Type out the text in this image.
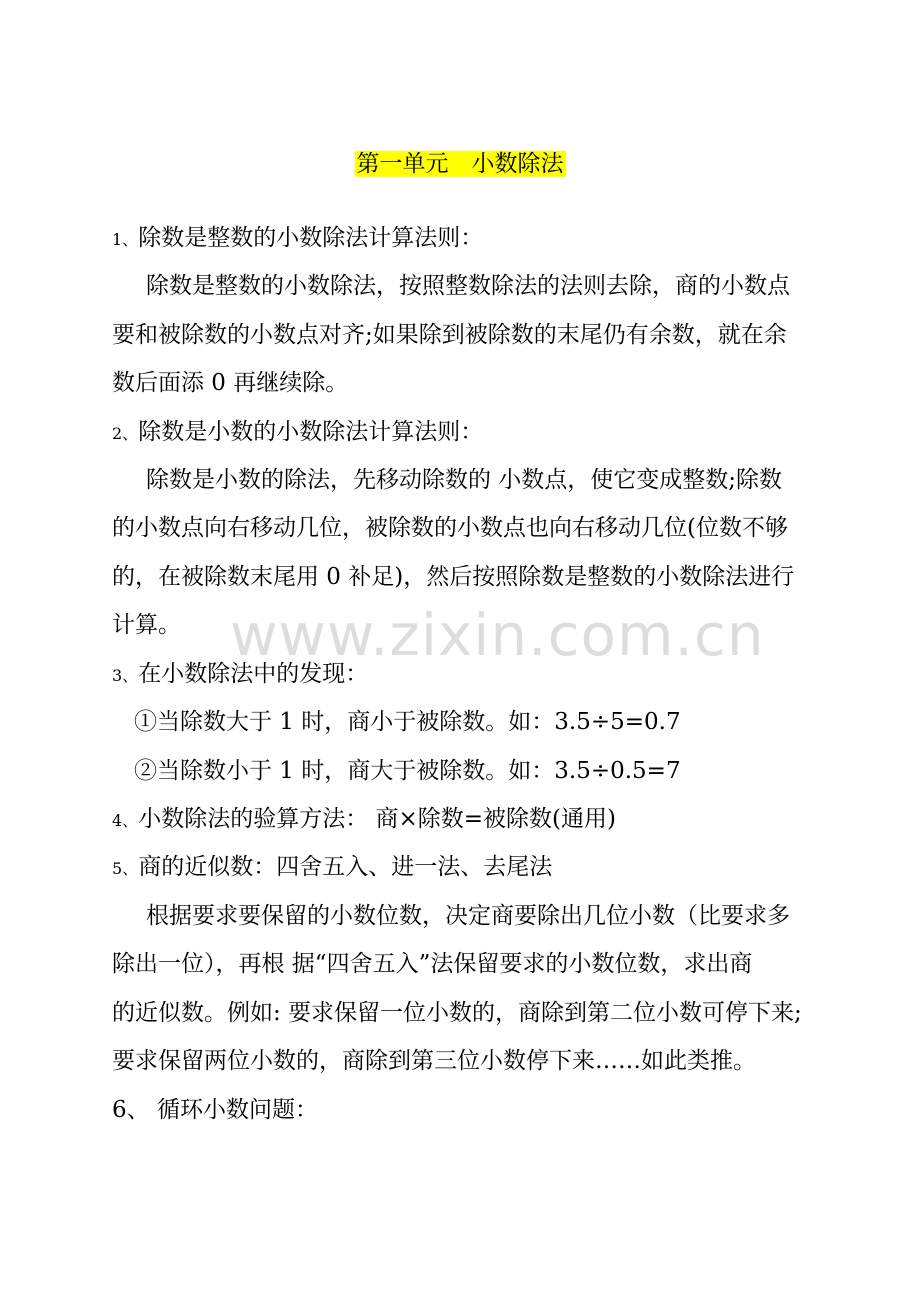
第一单元　小数除法
1、除数是整数的小数除法计算法则：
除数是整数的小数除法，按照整数除法的法则去除，商的小数点
要和被除数的小数点对齐;如果除到被除数的末尾仍有余数，就在余
数后面添 0 再继续除。
2、除数是小数的小数除法计算法则：
除数是小数的除法，先移动除数的 小数点，使它变成整数;除数
的小数点向右移动几位，被除数的小数点也向右移动几位(位数不够
的，在被除数末尾用 0 补足)，然后按照除数是整数的小数除法进行
计算。
3、在小数除法中的发现：
①当除数大于 1 时，商小于被除数。如：3.5÷5=0.7
②当除数小于 1 时，商大于被除数。如：3.5÷0.5=7
4、小数除法的验算方法： 商×除数=被除数(通用)
5、商的近似数：四舍五入、进一法、去尾法
根据要求要保留的小数位数，决定商要除出几位小数（比要求多
除出一位），再根 据“四舍五入”法保留要求的小数位数，求出商
的近似数。例如: 要求保留一位小数的，商除到第二位小数可停下来;
要求保留两位小数的，商除到第三位小数停下来……如此类推。
6、 循环小数问题：
www.zixin.com.cn
